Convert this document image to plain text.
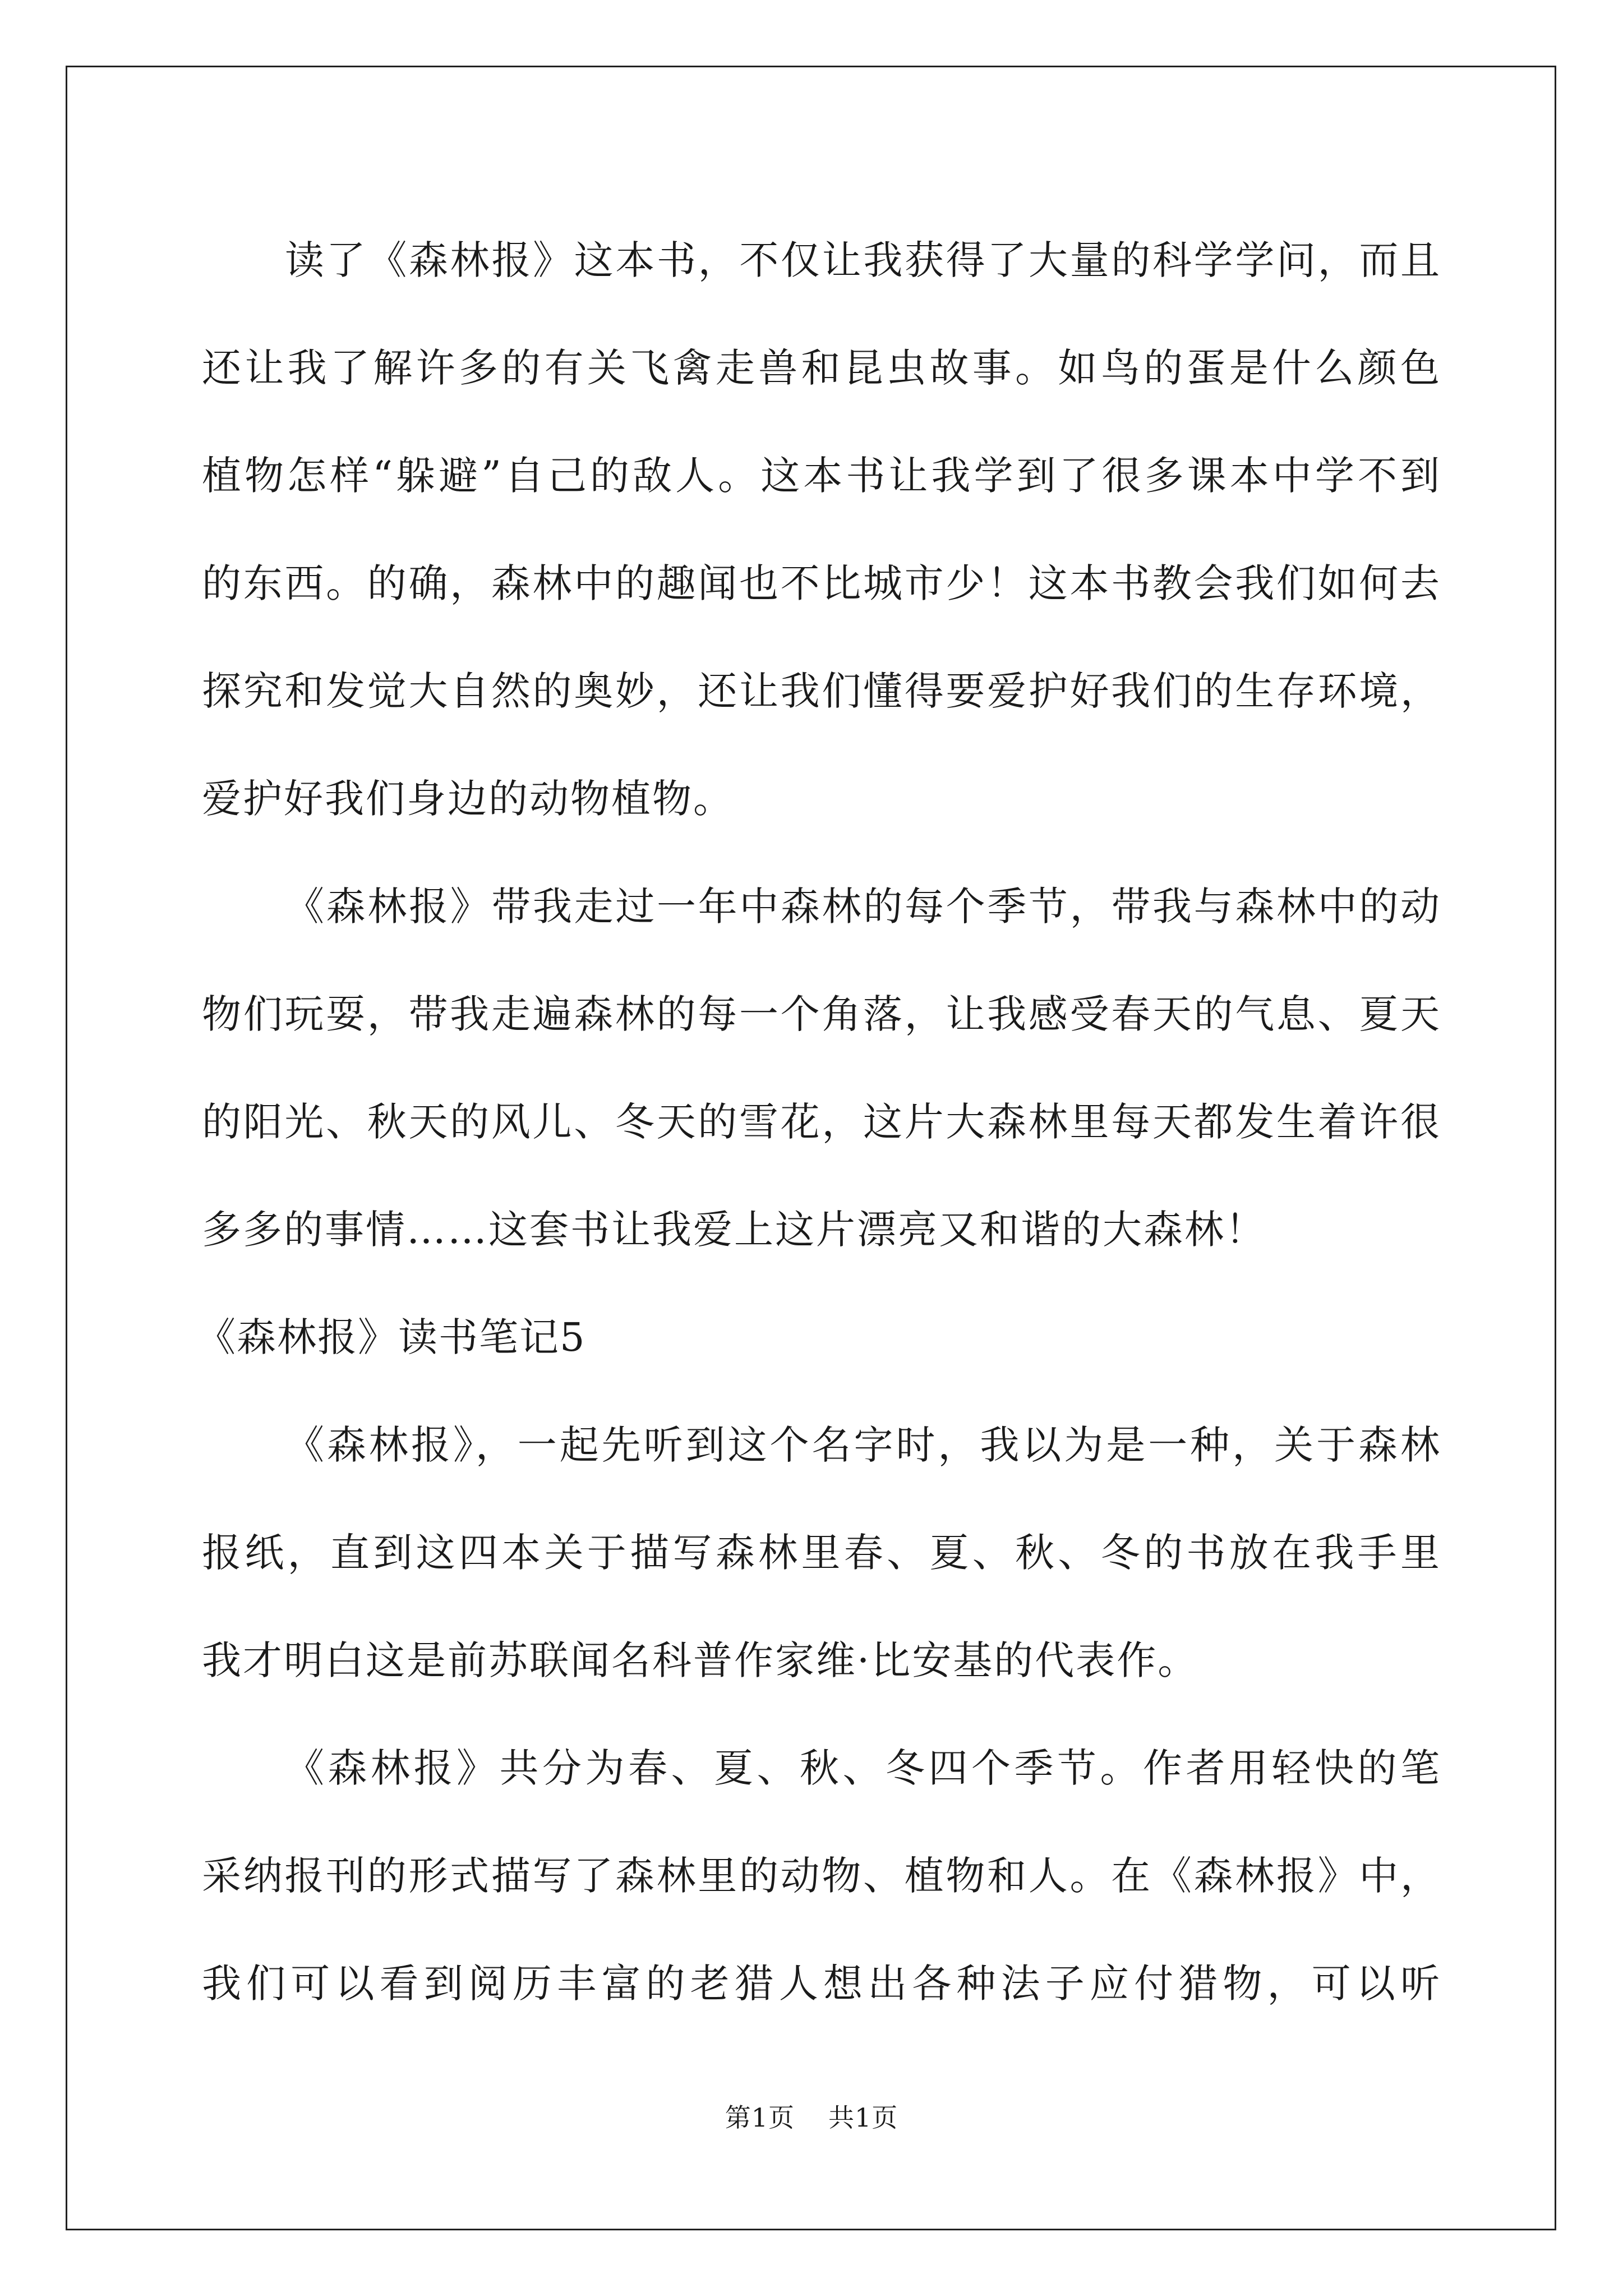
读了《森林报》这本书，不仅让我获得了大量的科学学问，而且
还让我了解许多的有关飞禽走兽和昆虫故事。如鸟的蛋是什么颜色
植物怎样“躲避”自己的敌人。这本书让我学到了很多课本中学不到
的东西。的确，森林中的趣闻也不比城市少！这本书教会我们如何去
探究和发觉大自然的奥妙，还让我们懂得要爱护好我们的生存环境，
爱护好我们身边的动物植物。
《森林报》带我走过一年中森林的每个季节，带我与森林中的动
物们玩耍，带我走遍森林的每一个角落，让我感受春天的气息、夏天
的阳光、秋天的风儿、冬天的雪花，这片大森林里每天都发生着许很
多多的事情……这套书让我爱上这片漂亮又和谐的大森林！
《森林报》读书笔记5
《森林报》，一起先听到这个名字时，我以为是一种，关于森林
报纸，直到这四本关于描写森林里春、夏、秋、冬的书放在我手里
我才明白这是前苏联闻名科普作家维·比安基的代表作。
《森林报》共分为春、夏、秋、冬四个季节。作者用轻快的笔
采纳报刊的形式描写了森林里的动物、植物和人。在《森林报》中，
我们可以看到阅历丰富的老猎人想出各种法子应付猎物，可以听
第1页 共1页
